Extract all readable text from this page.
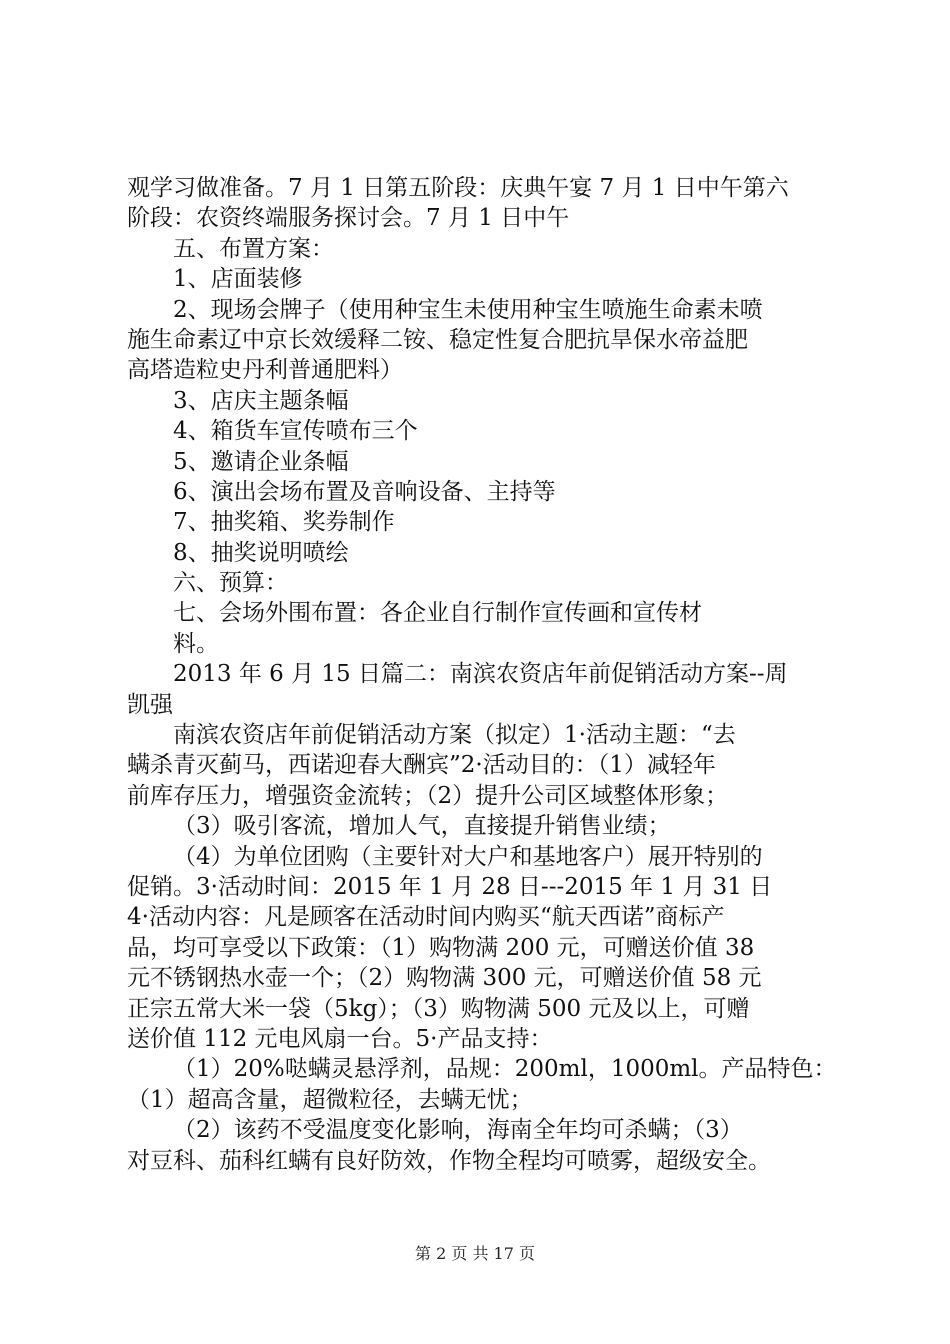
观学习做准备。7 月 1 日第五阶段：庆典午宴 7 月 1 日中午第六
阶段：农资终端服务探讨会。7 月 1 日中午
五、布置方案：
1、店面装修
2、现场会牌子（使用种宝生未使用种宝生喷施生命素未喷
施生命素辽中京长效缓释二铵、稳定性复合肥抗旱保水帝益肥
高塔造粒史丹利普通肥料）
3、店庆主题条幅
4、箱货车宣传喷布三个
5、邀请企业条幅
6、演出会场布置及音响设备、主持等
7、抽奖箱、奖券制作
8、抽奖说明喷绘
六、预算：
七、会场外围布置：各企业自行制作宣传画和宣传材
料。
2013 年 6 月 15 日篇二：南滨农资店年前促销活动方案--周
凯强
南滨农资店年前促销活动方案（拟定）1·活动主题：“去
螨杀青灭蓟马，西诺迎春大酬宾”2·活动目的：（1）减轻年
前库存压力，增强资金流转；（2）提升公司区域整体形象；
（3）吸引客流，增加人气，直接提升销售业绩；
（4）为单位团购（主要针对大户和基地客户）展开特别的
促销。3·活动时间：2015 年 1 月 28 日---2015 年 1 月 31 日
4·活动内容：凡是顾客在活动时间内购买“航天西诺”商标产
品，均可享受以下政策：（1）购物满 200 元，可赠送价值 38
元不锈钢热水壶一个；（2）购物满 300 元，可赠送价值 58 元
正宗五常大米一袋（5kg）；（3）购物满 500 元及以上，可赠
送价值 112 元电风扇一台。5·产品支持：
（1）20%哒螨灵悬浮剂，品规：200ml，1000ml。产品特色：
（1）超高含量，超微粒径，去螨无忧；
（2）该药不受温度变化影响，海南全年均可杀螨；（3）
对豆科、茄科红螨有良好防效，作物全程均可喷雾，超级安全。
第 2 页 共 17 页
